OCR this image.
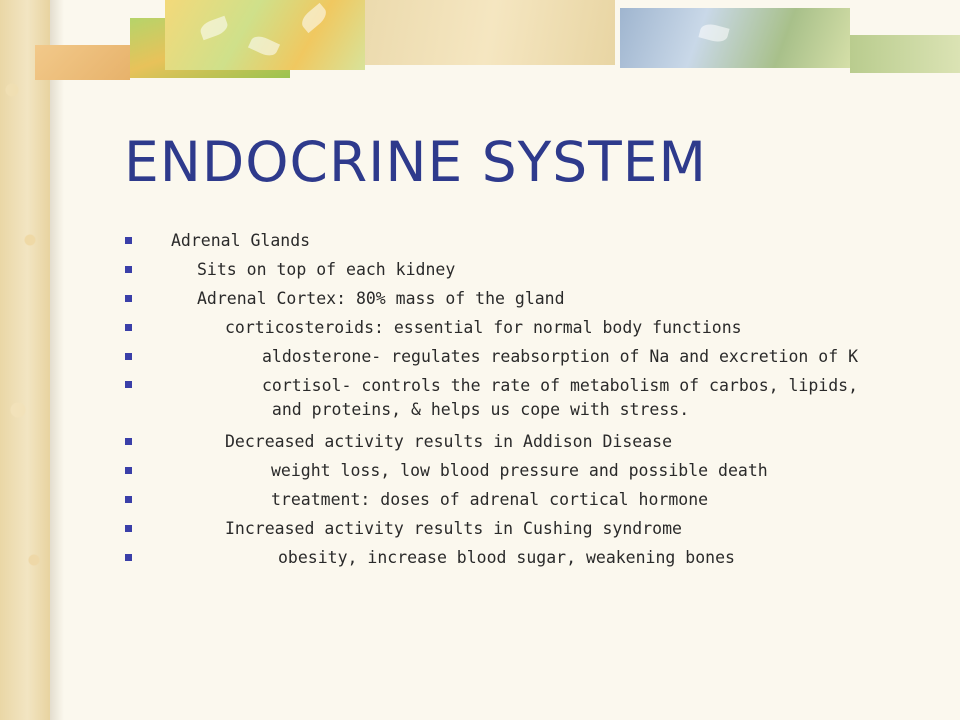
ENDOCRINE SYSTEM
Adrenal Glands
Sits on top of each kidney
Adrenal Cortex: 80% mass of the gland
corticosteroids: essential for normal body functions
aldosterone- regulates reabsorption of Na and excretion of K
cortisol- controls the rate of metabolism of carbos, lipids,
and proteins, & helps us cope with stress.
Decreased activity results in Addison Disease
weight loss, low blood pressure and possible death
treatment: doses of adrenal cortical hormone
Increased activity results in Cushing syndrome
obesity, increase blood sugar, weakening bones
